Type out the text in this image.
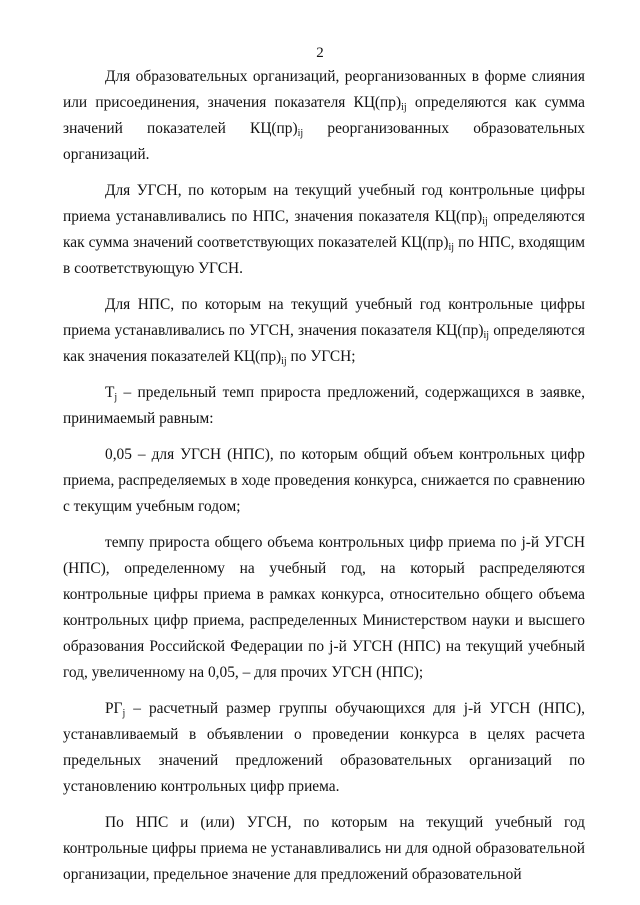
2

Для образовательных организаций, реорганизованных в форме слияния или присоединения, значения показателя $КЦ(пр)_{ij}$ определяются как сумма значений показателей $КЦ(пр)_{ij}$ реорганизованных образовательных организаций.

Для УГСН, по которым на текущий учебный год контрольные цифры приема устанавливались по НПС, значения показателя $КЦ(пр)_{ij}$ определяются как сумма значений соответствующих показателей $КЦ(пр)_{ij}$ по НПС, входящим в соответствующую УГСН.

Для НПС, по которым на текущий учебный год контрольные цифры приема устанавливались по УГСН, значения показателя $КЦ(пр)_{ij}$ определяются как значения показателей $КЦ(пр)_{ij}$ по УГСН;

$Т_j$ – предельный темп прироста предложений, содержащихся в заявке, принимаемый равным:

0,05 – для УГСН (НПС), по которым общий объем контрольных цифр приема, распределяемых в ходе проведения конкурса, снижается по сравнению с текущим учебным годом;

темпу прироста общего объема контрольных цифр приема по j-й УГСН (НПС), определенному на учебный год, на который распределяются контрольные цифры приема в рамках конкурса, относительно общего объема контрольных цифр приема, распределенных Министерством науки и высшего образования Российской Федерации по j-й УГСН (НПС) на текущий учебный год, увеличенному на 0,05, – для прочих УГСН (НПС);

$РГ_j$ – расчетный размер группы обучающихся для j-й УГСН (НПС), устанавливаемый в объявлении о проведении конкурса в целях расчета предельных значений предложений образовательных организаций по установлению контрольных цифр приема.

По НПС и (или) УГСН, по которым на текущий учебный год контрольные цифры приема не устанавливались ни для одной образовательной организации, предельное значение для предложений образовательной
